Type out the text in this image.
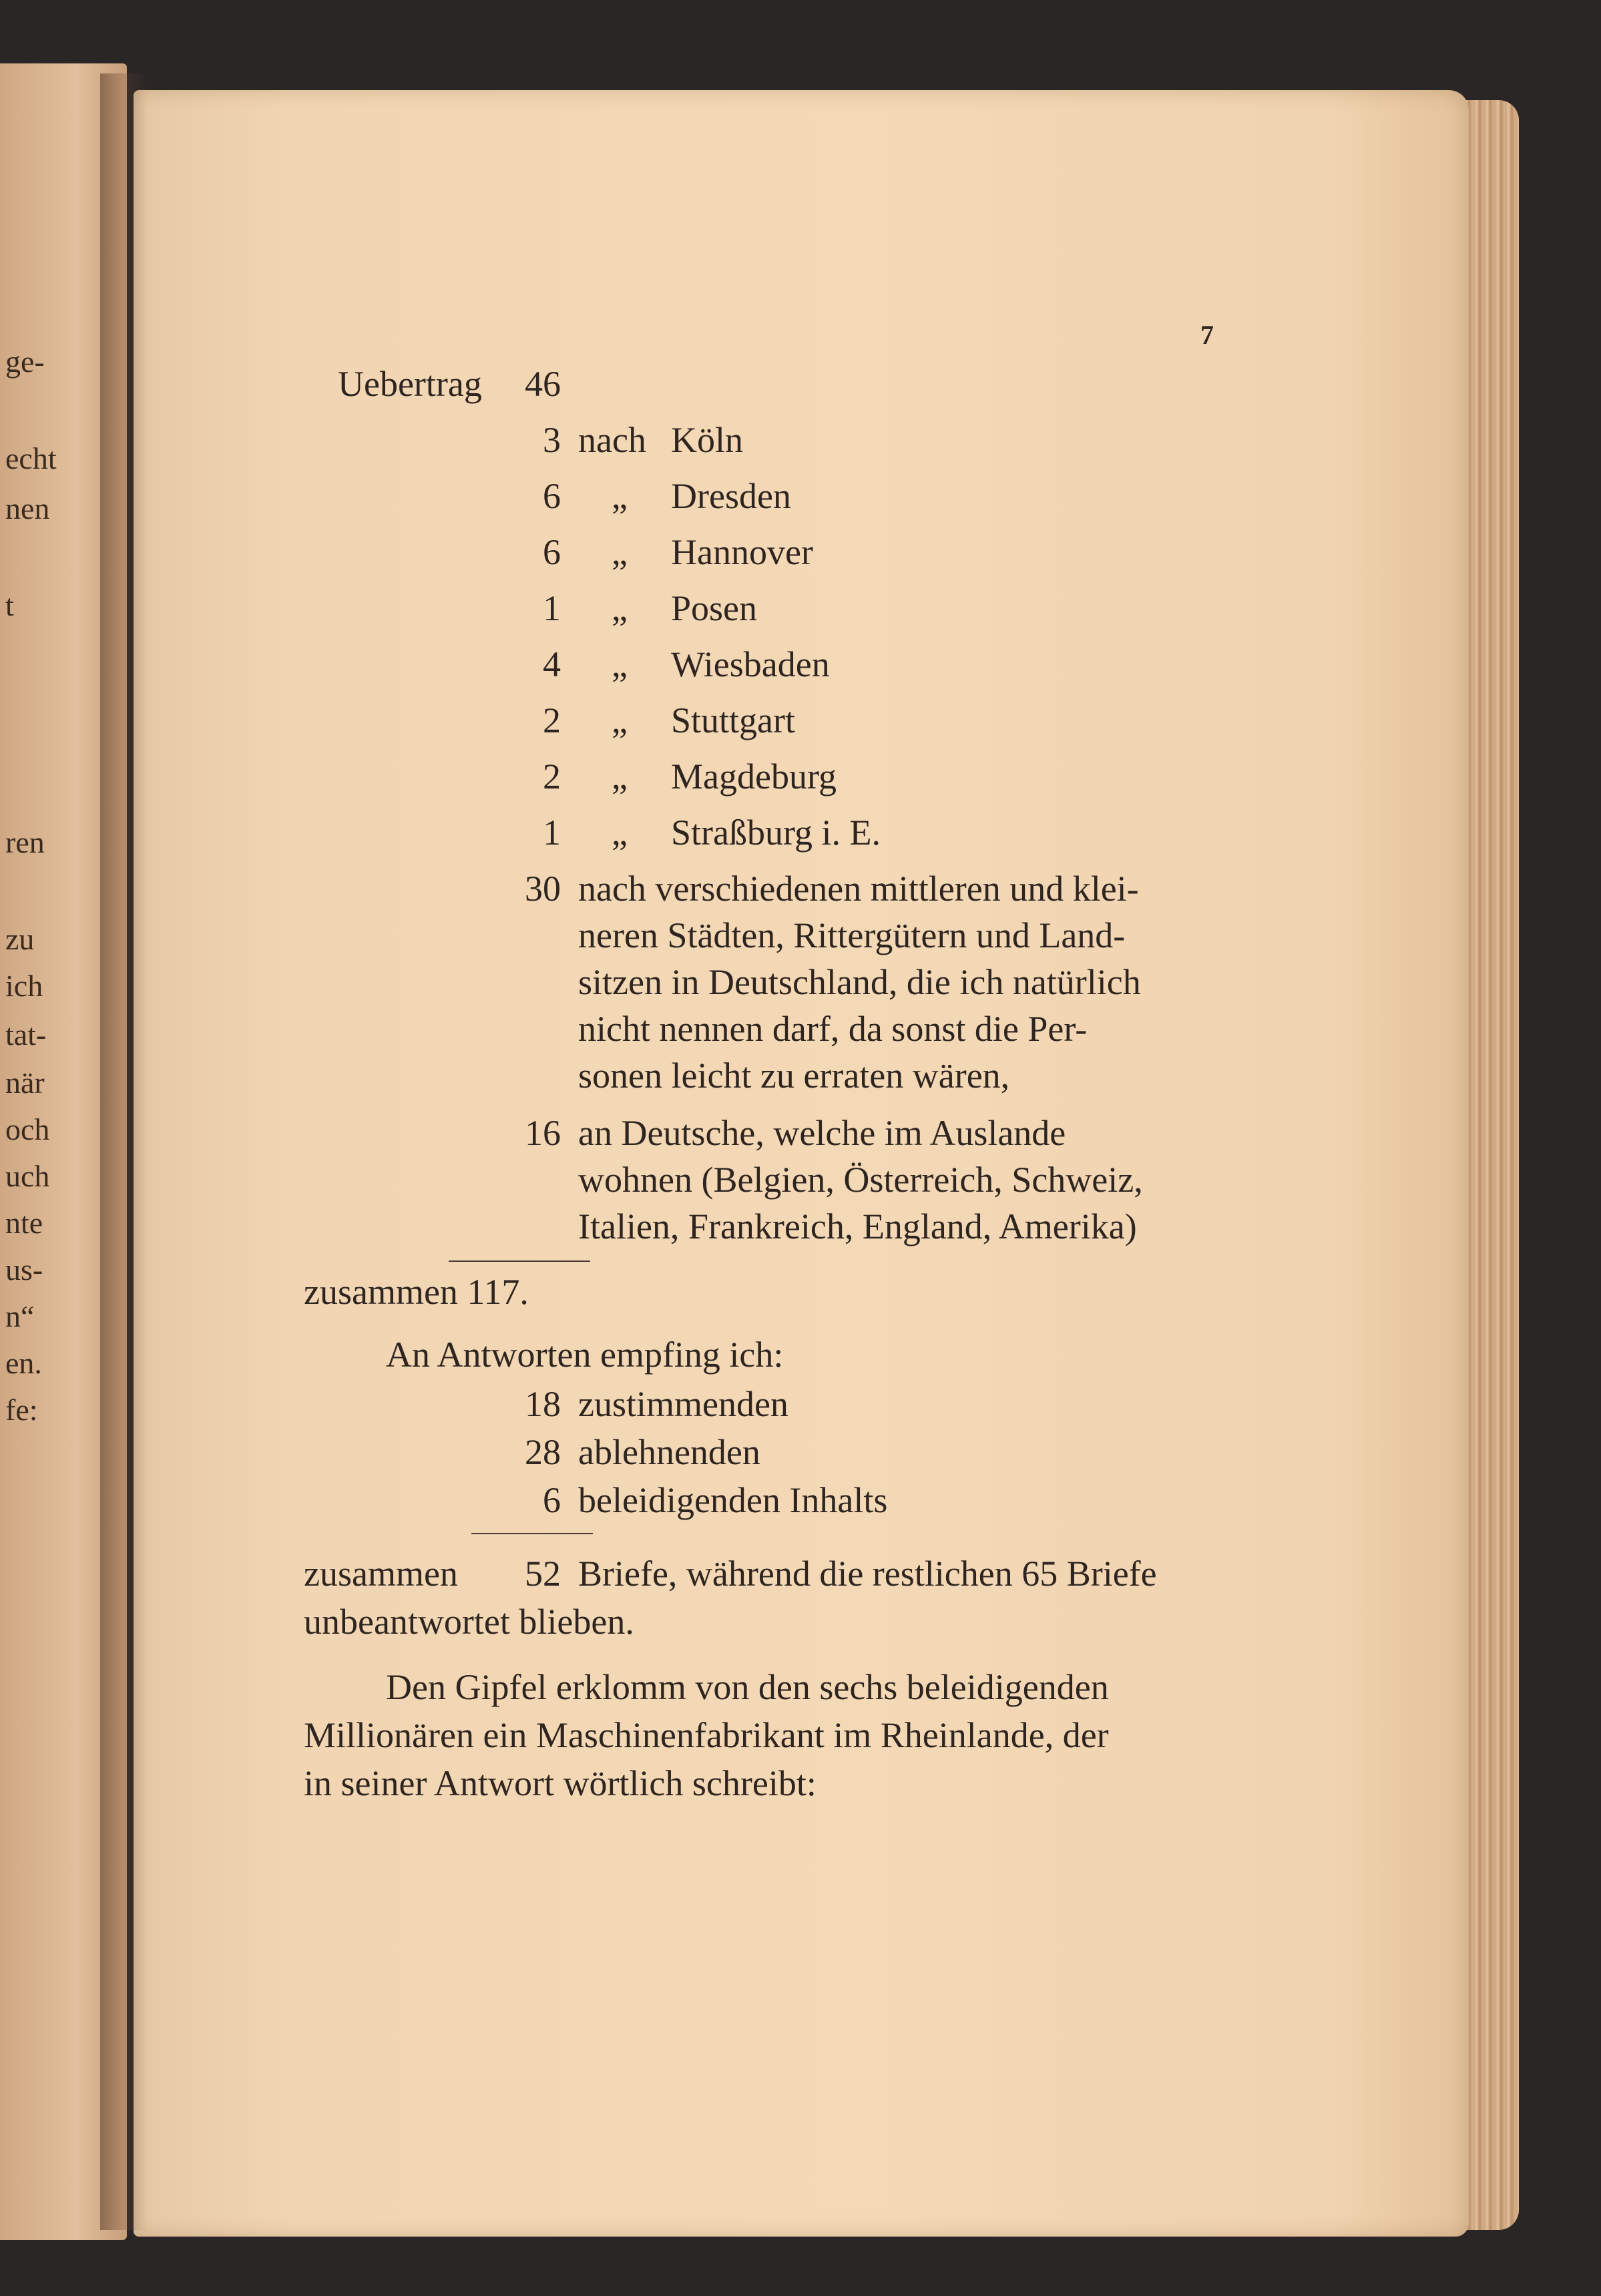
ge-
echt
nen
t
ren
zu
ich
tat-
när
och
uch
nte
us-
n“
en.
fe:
7
Uebertrag	46
3 nach Köln
6 „ Dresden
6 „ Hannover
1 „ Posen
4 „ Wiesbaden
2 „ Stuttgart
2 „ Magdeburg
1 „ Straßburg i. E.
30 nach verschiedenen mittleren und klei-
neren Städten, Rittergütern und Land-
sitzen in Deutschland, die ich natürlich
nicht nennen darf, da sonst die Per-
sonen leicht zu erraten wären,
16 an Deutsche, welche im Auslande
wohnen (Belgien, Österreich, Schweiz,
Italien, Frankreich, England, Amerika)
zusammen 117.
An Antworten empfing ich:
18 zustimmenden
28 ablehnenden
6 beleidigenden Inhalts
zusammen	52 Briefe, während die restlichen 65 Briefe
unbeantwortet blieben.
Den Gipfel erklomm von den sechs beleidigenden
Millionären ein Maschinenfabrikant im Rheinlande, der
in seiner Antwort wörtlich schreibt:
